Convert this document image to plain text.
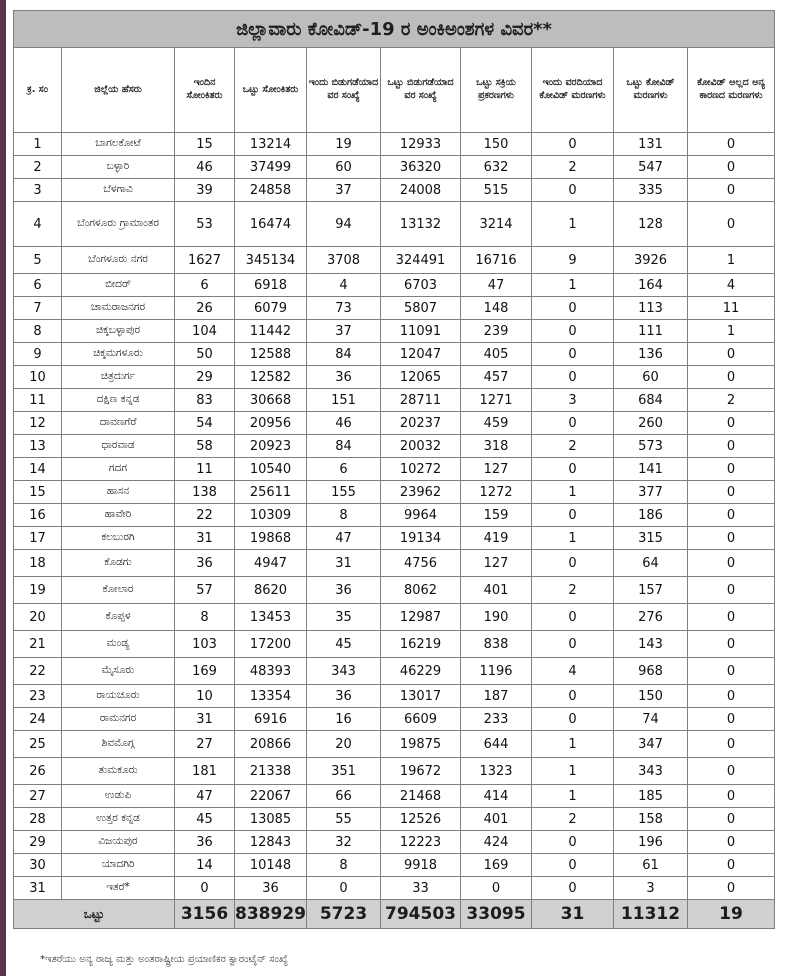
ಜಿಲ್ಲಾವಾರು ಕೋವಿಡ್-19 ರ ಅಂಕಿಅಂಶಗಳ ವಿವರ**									
ಕ್ರ. ಸಂ	ಜಿಲ್ಲೆಯ ಹೆಸರು	ಇಂದಿನ ಸೋಂಕಿತರು	ಒಟ್ಟು ಸೋಂಕಿತರು	ಇಂದು ಬಿಡುಗಡೆಯಾದ ವರ ಸಂಖ್ಯೆ	ಒಟ್ಟು ಬಿಡುಗಡೆಯಾದ ವರ ಸಂಖ್ಯೆ	ಒಟ್ಟು ಸಕ್ರಿಯ ಪ್ರಕರಣಗಳು	ಇಂದು ವರದಿಯಾದ ಕೋವಿಡ್ ಮರಣಗಳು	ಒಟ್ಟು ಕೋವಿಡ್ ಮರಣಗಳು	ಕೋವಿಡ್ ಅಲ್ಲದ ಅನ್ಯ ಕಾರಣದ ಮರಣಗಳು
1	ಬಾಗಲಕೋಟೆ	15	13214	19	12933	150	0	131	0
2	ಬಳ್ಳಾರಿ	46	37499	60	36320	632	2	547	0
3	ಬೆಳಗಾವಿ	39	24858	37	24008	515	0	335	0
4	ಬೆಂಗಳೂರು ಗ್ರಾಮಾಂತರ	53	16474	94	13132	3214	1	128	0
5	ಬೆಂಗಳೂರು ನಗರ	1627	345134	3708	324491	16716	9	3926	1
6	ಬೀದರ್	6	6918	4	6703	47	1	164	4
7	ಚಾಮರಾಜನಗರ	26	6079	73	5807	148	0	113	11
8	ಚಿಕ್ಕಬಳ್ಳಾಪುರ	104	11442	37	11091	239	0	111	1
9	ಚಿಕ್ಕಮಗಳೂರು	50	12588	84	12047	405	0	136	0
10	ಚಿತ್ರದುರ್ಗ	29	12582	36	12065	457	0	60	0
11	ದಕ್ಷಿಣ ಕನ್ನಡ	83	30668	151	28711	1271	3	684	2
12	ದಾವಣಗೆರೆ	54	20956	46	20237	459	0	260	0
13	ಧಾರವಾಡ	58	20923	84	20032	318	2	573	0
14	ಗದಗ	11	10540	6	10272	127	0	141	0
15	ಹಾಸನ	138	25611	155	23962	1272	1	377	0
16	ಹಾವೇರಿ	22	10309	8	9964	159	0	186	0
17	ಕಲಬುರಗಿ	31	19868	47	19134	419	1	315	0
18	ಕೊಡಗು	36	4947	31	4756	127	0	64	0
19	ಕೋಲಾರ	57	8620	36	8062	401	2	157	0
20	ಕೊಪ್ಪಳ	8	13453	35	12987	190	0	276	0
21	ಮಂಡ್ಯ	103	17200	45	16219	838	0	143	0
22	ಮೈಸೂರು	169	48393	343	46229	1196	4	968	0
23	ರಾಯಚೂರು	10	13354	36	13017	187	0	150	0
24	ರಾಮನಗರ	31	6916	16	6609	233	0	74	0
25	ಶಿವಮೊಗ್ಗ	27	20866	20	19875	644	1	347	0
26	ತುಮಕೂರು	181	21338	351	19672	1323	1	343	0
27	ಉಡುಪಿ	47	22067	66	21468	414	1	185	0
28	ಉತ್ತರ ಕನ್ನಡ	45	13085	55	12526	401	2	158	0
29	ವಿಜಯಪುರ	36	12843	32	12223	424	0	196	0
30	ಯಾದಗಿರಿ	14	10148	8	9918	169	0	61	0
31	ಇತರೆ*	0	36	0	33	0	0	3	0
ಒಟ್ಟು		3156	838929	5723	794503	33095	31	11312	19
*ಇತರೆಯು ಅನ್ಯ ರಾಜ್ಯ ಮತ್ತು ಅಂತರಾಷ್ಟ್ರೀಯ ಪ್ರಯಾಣಿಕರ ಕ್ವಾರಂಟೈನ್ ಸಂಖ್ಯೆ
